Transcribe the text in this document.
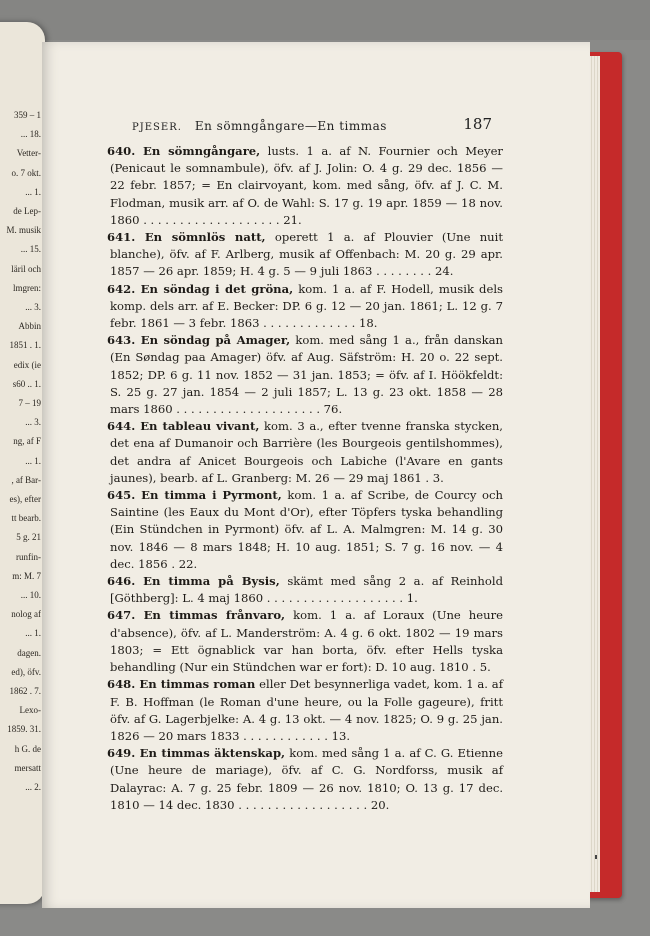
359 – 1
... 18.
Vetter-
o. 7 okt.
... 1.
de Lep-
M. musik
... 15.
läril och
lmgren:
... 3.
Abbin
1851 . 1.
edix (ie
s60 .. 1.
7 – 19
... 3.
ng, af F
... 1.
, af Bar-
es), efter
tt bearb.
5 g. 21
runfin-
m: M. 7
... 10.
nolog af
... 1.
dagen.
ed), öfv.
1862 . 7.
Lexo-
1859. 31.
h G. de
mersatt
... 2.
PJESER. En sömngångare—En timmas	187

640. En sömngångare, lusts. 1 a. af N. Fournier och Meyer (Penicaut le somnambule), öfv. af J. Jolin: O. 4 g. 29 dec. 1856 — 22 febr. 1857; = En clairvoyant, kom. med sång, öfv. af J. C. M. Flodman, musik arr. af O. de Wahl: S. 17 g. 19 apr. 1859 — 18 nov. 1860 . . . . . . . . . . . . . . . . . . . 21.

641. En sömnlös natt, operett 1 a. af Plouvier (Une nuit blanche), öfv. af F. Arlberg, musik af Offenbach: M. 20 g. 29 apr. 1857 — 26 apr. 1859; H. 4 g. 5 — 9 juli 1863 . . . . . . . . 24.

642. En söndag i det gröna, kom. 1 a. af F. Hodell, musik dels komp. dels arr. af E. Becker: DP. 6 g. 12 — 20 jan. 1861; L. 12 g. 7 febr. 1861 — 3 febr. 1863 . . . . . . . . . . . . . 18.

643. En söndag på Amager, kom. med sång 1 a., från danskan (En Søndag paa Amager) öfv. af Aug. Säfström: H. 20 o. 22 sept. 1852; DP. 6 g. 11 nov. 1852 — 31 jan. 1853; = öfv. af I. Höökfeldt: S. 25 g. 27 jan. 1854 — 2 juli 1857; L. 13 g. 23 okt. 1858 — 28 mars 1860 . . . . . . . . . . . . . . . . . . . . 76.

644. En tableau vivant, kom. 3 a., efter tvenne franska stycken, det ena af Dumanoir och Barrière (les Bourgeois gentilshommes), det andra af Anicet Bourgeois och Labiche (l'Avare en gants jaunes), bearb. af L. Granberg: M. 26 — 29 maj 1861 . 3.

645. En timma i Pyrmont, kom. 1 a. af Scribe, de Courcy och Saintine (les Eaux du Mont d'Or), efter Töpfers tyska behandling (Ein Stündchen in Pyrmont) öfv. af L. A. Malmgren: M. 14 g. 30 nov. 1846 — 8 mars 1848; H. 10 aug. 1851; S. 7 g. 16 nov. — 4 dec. 1856 . 22.

646. En timma på Bysis, skämt med sång 2 a. af Reinhold [Göthberg]: L. 4 maj 1860 . . . . . . . . . . . . . . . . . . . 1.

647. En timmas frånvaro, kom. 1 a. af Loraux (Une heure d'absence), öfv. af L. Manderström: A. 4 g. 6 okt. 1802 — 19 mars 1803; = Ett ögnablick var han borta, öfv. efter Hells tyska behandling (Nur ein Stündchen war er fort): D. 10 aug. 1810 . 5.

648. En timmas roman eller Det besynnerliga vadet, kom. 1 a. af F. B. Hoffman (le Roman d'une heure, ou la Folle gageure), fritt öfv. af G. Lagerbjelke: A. 4 g. 13 okt. — 4 nov. 1825; O. 9 g. 25 jan. 1826 — 20 mars 1833 . . . . . . . . . . . . 13.

649. En timmas äktenskap, kom. med sång 1 a. af C. G. Etienne (Une heure de mariage), öfv. af C. G. Nordforss, musik af Dalayrac: A. 7 g. 25 febr. 1809 — 26 nov. 1810; O. 13 g. 17 dec. 1810 — 14 dec. 1830 . . . . . . . . . . . . . . . . . . 20.
